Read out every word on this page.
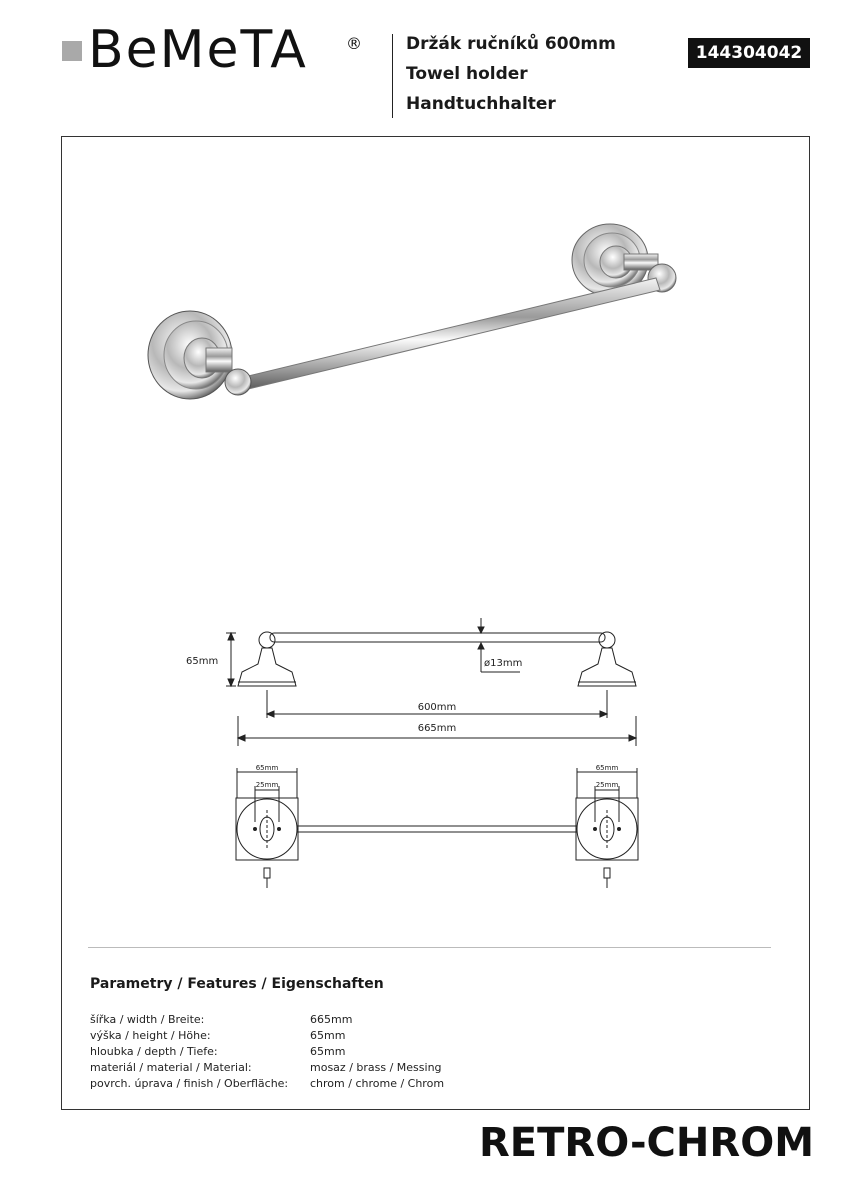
BeMeTA ®	Držák ručníků 600mm
Towel holder
Handtuchhalter
144304042
65mm	ø13mm
600mm
665mm
65mm
25mm
65mm
25mm
Parametry / Features / Eigenschaften
šířka / width / Breite:	665mm
výška / height / Höhe:	65mm
hloubka / depth / Tiefe:	65mm
materiál / material / Material:	mosaz / brass / Messing
povrch. úprava / finish / Oberfläche: chrom / chrome / Chrom
RETRO-CHROM
